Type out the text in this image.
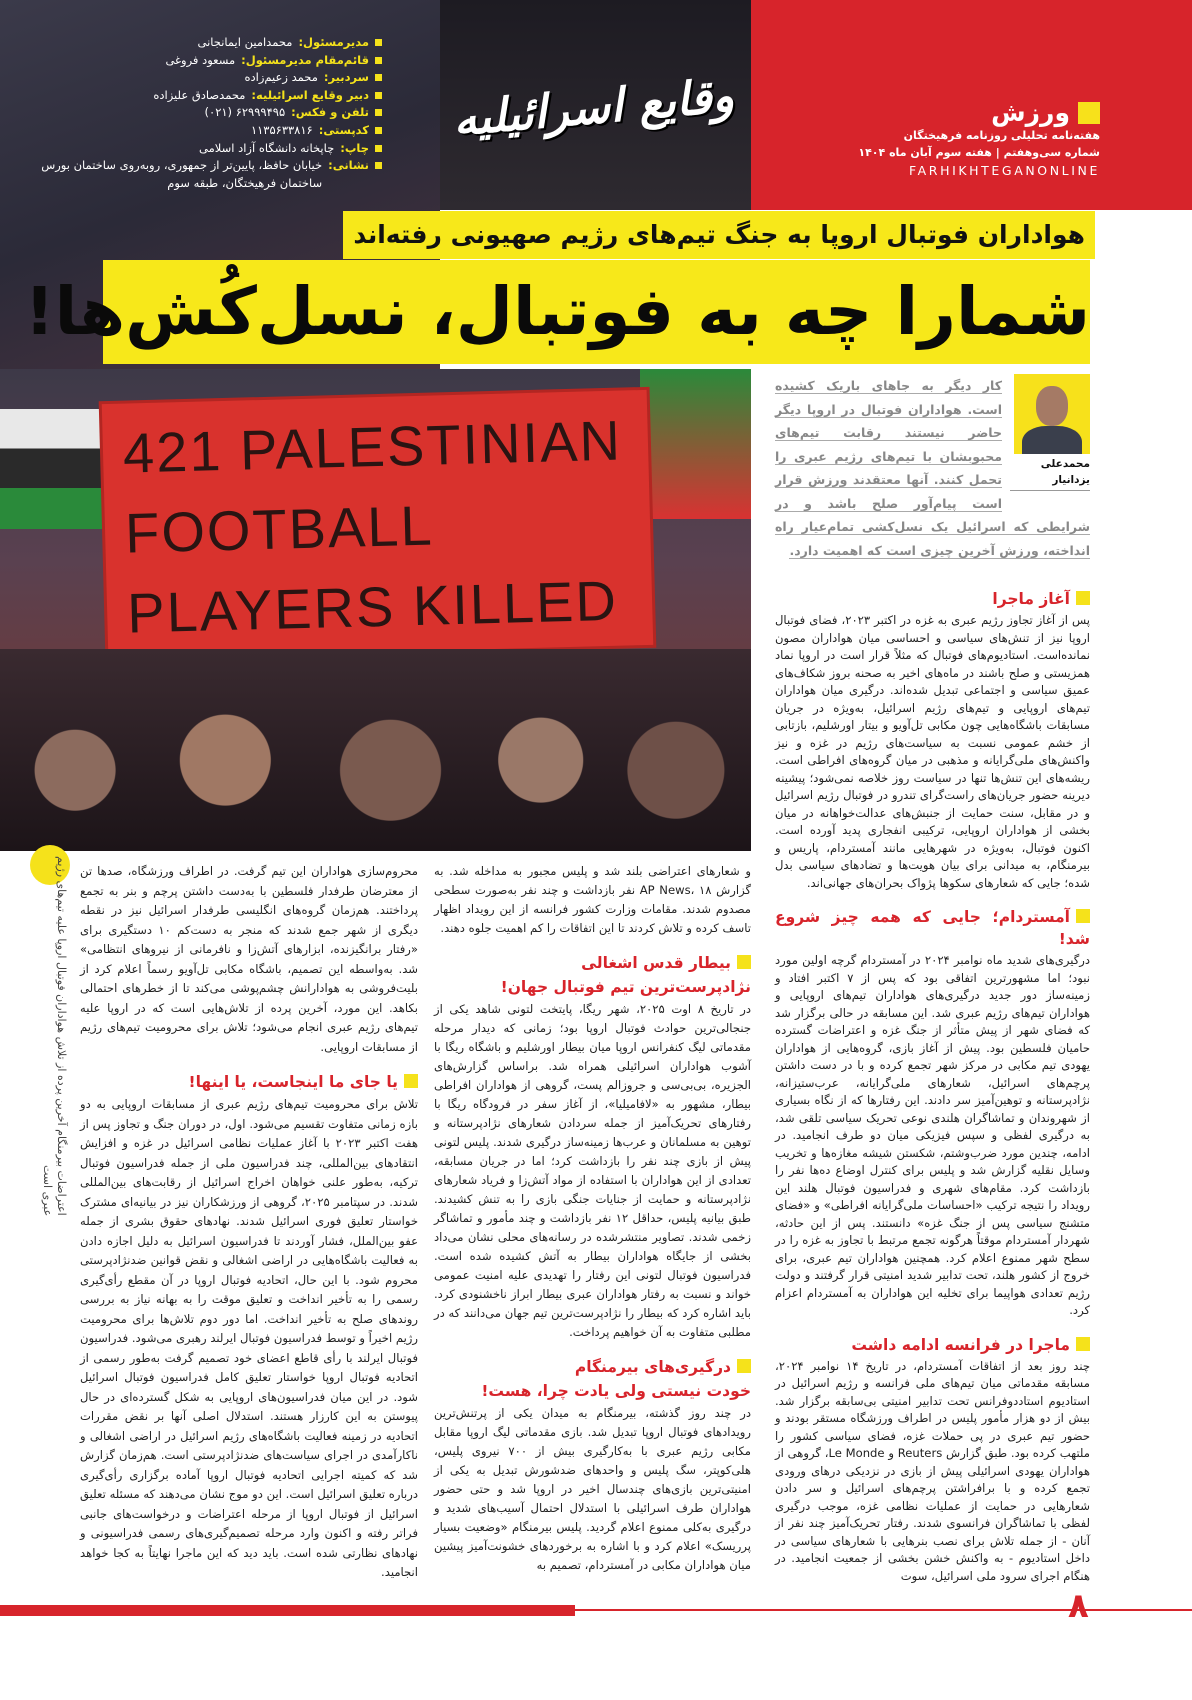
مدیرمسئول:
محمدامین ایمانجانی
قائم‌مقام مدیرمسئول:
مسعود فروغی
سردبیر:
محمد زعیم‌زاده
دبیر وقایع اسرائیلیه:
محمدصادق علیزاده
تلفن و فکس:
۶۲۹۹۹۴۹۵ (۰۲۱)
کدپستی:
۱۱۳۵۶۳۳۸۱۶
چاپ:
چاپخانه دانشگاه آزاد اسلامی
نشانی:
خیابان حافظ، پایین‌تر از جمهوری، روبه‌روی ساختمان بورس ساختمان فرهیختگان، طبقه سوم
وقایع اسرائیلیه	ورزش
هفته‌نامه تحلیلی روزنامه فرهیختگان
شماره سی‌وهفتم | هفته سوم آبان ماه ۱۴۰۴
FARHIKHTEGANONLINE
421 PALESTINIAN
FOOTBALL
PLAYERS KILLED
شمارا چه به فوتبال، نسل‌کُش‌ها!
هواداران فوتبال اروپا به جنگ تیم‌های رژیم صهیونی رفته‌اند
اعتراضات بیرمنگام آخرین پرده از تلاش هواداران فوتبال اروپا علیه تیم‌های رژیم عبری است
محمدعلی یزدانیار
کار دیگر به جاهای باریک کشیده است. هواداران فوتبال در اروپا دیگر حاضر نیستند رقابت تیم‌های محبوبشان با تیم‌های رژیم عبری را تحمل کنند. آنها معتقدند ورزش قرار است پیام‌آور صلح باشد و در شرایطی که اسرائیل یک نسل‌کشی تمام‌عیار راه انداخته، ورزش آخرین چیزی است که اهمیت دارد.
آغاز ماجرا

پس از آغاز تجاوز رژیم عبری به غزه در اکتبر ۲۰۲۳، فضای فوتبال اروپا نیز از تنش‌های سیاسی و احساسی میان هواداران مصون نمانده‌است. استادیوم‌های فوتبال که مثلاً قرار است در اروپا نماد همزیستی و صلح باشند در ماه‌های اخیر به صحنه بروز شکاف‌های عمیق سیاسی و اجتماعی تبدیل شده‌اند. درگیری میان هواداران تیم‌های اروپایی و تیم‌های رژیم اسرائیل، به‌ویژه در جریان مسابقات باشگاه‌هایی چون مکابی تل‌آویو و بیتار اورشلیم، بازتابی از خشم عمومی نسبت به سیاست‌های رژیم در غزه و نیز واکنش‌های ملی‌گرایانه و مذهبی در میان گروه‌های افراطی است. ریشه‌های این تنش‌ها تنها در سیاست روز خلاصه نمی‌شود؛ پیشینه دیرینه حضور جریان‌های راست‌گرای تندرو در فوتبال رژیم اسرائیل و در مقابل، سنت حمایت از جنبش‌های عدالت‌خواهانه در میان بخشی از هواداران اروپایی، ترکیبی انفجاری پدید آورده است. اکنون فوتبال، به‌ویژه در شهرهایی مانند آمستردام، پاریس و بیرمنگام، به میدانی برای بیان هویت‌ها و تضادهای سیاسی بدل شده؛ جایی که شعارهای سکوها پژواک بحران‌های جهانی‌اند.

آمستردام؛ جایی که همه چیز شروع شد!

درگیری‌های شدید ماه نوامبر ۲۰۲۴ در آمستردام گرچه اولین مورد نبود؛ اما مشهورترین اتفاقی بود که پس از ۷ اکتبر افتاد و زمینه‌ساز دور جدید درگیری‌های هواداران تیم‌های اروپایی و هواداران تیم‌های رژیم عبری شد. این مسابقه در حالی برگزار شد که فضای شهر از پیش متأثر از جنگ غزه و اعتراضات گسترده حامیان فلسطین بود. پیش از آغاز بازی، گروه‌هایی از هواداران یهودی تیم مکابی در مرکز شهر تجمع کرده و با در دست داشتن پرچم‌های اسرائیل، شعارهای ملی‌گرایانه، عرب‌ستیزانه، نژادپرستانه و توهین‌آمیز سر دادند. این رفتارها که از نگاه بسیاری از شهروندان و تماشاگران هلندی نوعی تحریک سیاسی تلقی شد، به درگیری لفظی و سپس فیزیکی میان دو طرف انجامید. در ادامه، چندین مورد ضرب‌وشتم، شکستن شیشه مغازه‌ها و تخریب وسایل نقلیه گزارش شد و پلیس برای کنترل اوضاع ده‌ها نفر را بازداشت کرد. مقام‌های شهری و فدراسیون فوتبال هلند این رویداد را نتیجه ترکیب «احساسات ملی‌گرایانه افراطی» و «فضای متشنج سیاسی پس از جنگ غزه» دانستند. پس از این حادثه، شهردار آمستردام موقتاً هرگونه تجمع مرتبط با تجاوز به غزه را در سطح شهر ممنوع اعلام کرد. همچنین هواداران تیم عبری، برای خروج از کشور هلند، تحت تدابیر شدید امنیتی قرار گرفتند و دولت رژیم تعدادی هواپیما برای تخلیه این هواداران به آمستردام اعزام کرد.

ماجرا در فرانسه ادامه داشت

چند روز بعد از اتفاقات آمستردام، در تاریخ ۱۴ نوامبر ۲۰۲۴، مسابقه مقدماتی میان تیم‌های ملی فرانسه و رژیم اسرائیل در استادیوم استاددوفرانس تحت تدابیر امنیتی بی‌سابقه برگزار شد. بیش از دو هزار مأمور پلیس در اطراف ورزشگاه مستقر بودند و حضور تیم عبری در پی حملات غزه، فضای سیاسی کشور را ملتهب کرده بود. طبق گزارش Reuters و Le Monde، گروهی از هواداران یهودی اسرائیلی پیش از بازی در نزدیکی درهای ورودی تجمع کرده و با برافراشتن پرچم‌های اسرائیل و سر دادن شعارهایی در حمایت از عملیات نظامی غزه، موجب درگیری لفظی با تماشاگران فرانسوی شدند. رفتار تحریک‌آمیز چند نفر از آنان - از جمله تلاش برای نصب بنرهایی با شعارهای سیاسی در داخل استادیوم - به واکنش خشن بخشی از جمعیت انجامید. در هنگام اجرای سرود ملی اسرائیل، سوت

و شعارهای اعتراضی بلند شد و پلیس مجبور به مداخله شد. به گزارش AP News، ۱۸ نفر بازداشت و چند نفر به‌صورت سطحی مصدوم شدند. مقامات وزارت کشور فرانسه از این رویداد اظهار تاسف کرده و تلاش کردند تا این اتفاقات را کم اهمیت جلوه دهند.

بیطار قدس اشغالی
نژادپرست‌ترین تیم فوتبال جهان!

در تاریخ ۸ اوت ۲۰۲۵، شهر ریگا، پایتخت لتونی شاهد یکی از جنجالی‌ترین حوادث فوتبال اروپا بود؛ زمانی که دیدار مرحله مقدماتی لیگ کنفرانس اروپا میان بیطار اورشلیم و باشگاه ریگا با آشوب هواداران اسرائیلی همراه شد. براساس گزارش‌های الجزیره، بی‌بی‌سی و جروزالم پست، گروهی از هواداران افراطی بیطار، مشهور به «لافامیلیا»، از آغاز سفر در فرودگاه ریگا با رفتارهای تحریک‌آمیز از جمله سردادن شعارهای نژادپرستانه و توهین به مسلمانان و عرب‌ها زمینه‌ساز درگیری شدند. پلیس لتونی پیش از بازی چند نفر را بازداشت کرد؛ اما در جریان مسابقه، تعدادی از این هواداران با استفاده از مواد آتش‌زا و فریاد شعارهای نژادپرستانه و حمایت از جنایات جنگی بازی را به تنش کشیدند. طبق بیانیه پلیس، حداقل ۱۲ نفر بازداشت و چند مأمور و تماشاگر زخمی شدند. تصاویر منتشرشده در رسانه‌های محلی نشان می‌داد بخشی از جایگاه هواداران بیطار به آتش کشیده شده است. فدراسیون فوتبال لتونی این رفتار را تهدیدی علیه امنیت عمومی خواند و نسبت به رفتار هواداران عبری بیطار ابراز ناخشنودی کرد. باید اشاره کرد که بیطار را نژادپرست‌ترین تیم جهان می‌دانند که در مطلبی متفاوت به آن خواهیم پرداخت.

درگیری‌های بیرمنگام
خودت نیستی ولی یادت چرا، هست!

در چند روز گذشته، بیرمنگام به میدان یکی از پرتنش‌ترین رویدادهای فوتبال اروپا تبدیل شد. بازی مقدماتی لیگ اروپا مقابل مکابی رژیم عبری با به‌کارگیری بیش از ۷۰۰ نیروی پلیس، هلی‌کوپتر، سگ پلیس و واحدهای ضدشورش تبدیل به یکی از امنیتی‌ترین بازی‌های چندسال اخیر در اروپا شد و حتی حضور هواداران طرف اسرائیلی با استدلال احتمال آسیب‌های شدید و درگیری به‌کلی ممنوع اعلام گردید. پلیس بیرمنگام «وضعیت بسیار پرریسک» اعلام کرد و با اشاره به برخوردهای خشونت‌آمیز پیشین میان هواداران مکابی در آمستردام، تصمیم به

محروم‌سازی هواداران این تیم گرفت. در اطراف ورزشگاه، صدها تن از معترضان طرفدار فلسطین با به‌دست داشتن پرچم و بنر به تجمع پرداختند. هم‌زمان گروه‌های انگلیسی طرفدار اسرائیل نیز در نقطه دیگری از شهر جمع شدند که منجر به دست‌کم ۱۰ دستگیری برای «رفتار برانگیزنده، ابزارهای آتش‌زا و نافرمانی از نیروهای انتظامی» شد. به‌واسطه این تصمیم، باشگاه مکابی تل‌آویو رسماً اعلام کرد از بلیت‌فروشی به هوادارانش چشم‌پوشی می‌کند تا از خطرهای احتمالی بکاهد. این مورد، آخرین پرده از تلاش‌هایی است که در اروپا علیه تیم‌های رژیم عبری انجام می‌شود؛ تلاش برای محرومیت تیم‌های رژیم از مسابقات اروپایی.

یا جای ما اینجاست، یا اینها!

تلاش برای محرومیت تیم‌های رژیم عبری از مسابقات اروپایی به دو بازه زمانی متفاوت تقسیم می‌شود. اول، در دوران جنگ و تجاوز پس از هفت اکتبر ۲۰۲۳ با آغاز عملیات نظامی اسرائیل در غزه و افزایش انتقادهای بین‌المللی، چند فدراسیون ملی از جمله فدراسیون فوتبال ترکیه، به‌طور علنی خواهان اخراج اسرائیل از رقابت‌های بین‌المللی شدند. در سپتامبر ۲۰۲۵، گروهی از ورزشکاران نیز در بیانیه‌ای مشترک خواستار تعلیق فوری اسرائیل شدند. نهادهای حقوق بشری از جمله عفو بین‌الملل، فشار آوردند تا فدراسیون اسرائیل به دلیل اجازه دادن به فعالیت باشگاه‌هایی در اراضی اشغالی و نقض قوانین ضدنژادپرستی محروم شود. با این حال، اتحادیه فوتبال اروپا در آن مقطع رأی‌گیری رسمی را به تأخیر انداخت و تعلیق موقت را به بهانه نیاز به بررسی روندهای صلح به تأخیر انداخت. اما دور دوم تلاش‌ها برای محرومیت رژیم اخیراً و توسط فدراسیون فوتبال ایرلند رهبری می‌شود. فدراسیون فوتبال ایرلند با رأی قاطع اعضای خود تصمیم گرفت به‌طور رسمی از اتحادیه فوتبال اروپا خواستار تعلیق کامل فدراسیون فوتبال اسرائیل شود. در این میان فدراسیون‌های اروپایی به شکل گسترده‌ای در حال پیوستن به این کارزار هستند. استدلال اصلی آنها بر نقض مقررات اتحادیه در زمینه فعالیت باشگاه‌های رژیم اسرائیل در اراضی اشغالی و ناکارآمدی در اجرای سیاست‌های ضدنژادپرستی است. هم‌زمان گزارش شد که کمیته اجرایی اتحادیه فوتبال اروپا آماده برگزاری رأی‌گیری درباره تعلیق اسرائیل است. این دو موج نشان می‌دهند که مسئله تعلیق اسرائیل از فوتبال اروپا از مرحله اعتراضات و درخواست‌های جانبی فراتر رفته و اکنون وارد مرحله تصمیم‌گیری‌های رسمی فدراسیونی و نهادهای نظارتی شده است. باید دید که این ماجرا نهایتاً به کجا خواهد انجامید.

۸
